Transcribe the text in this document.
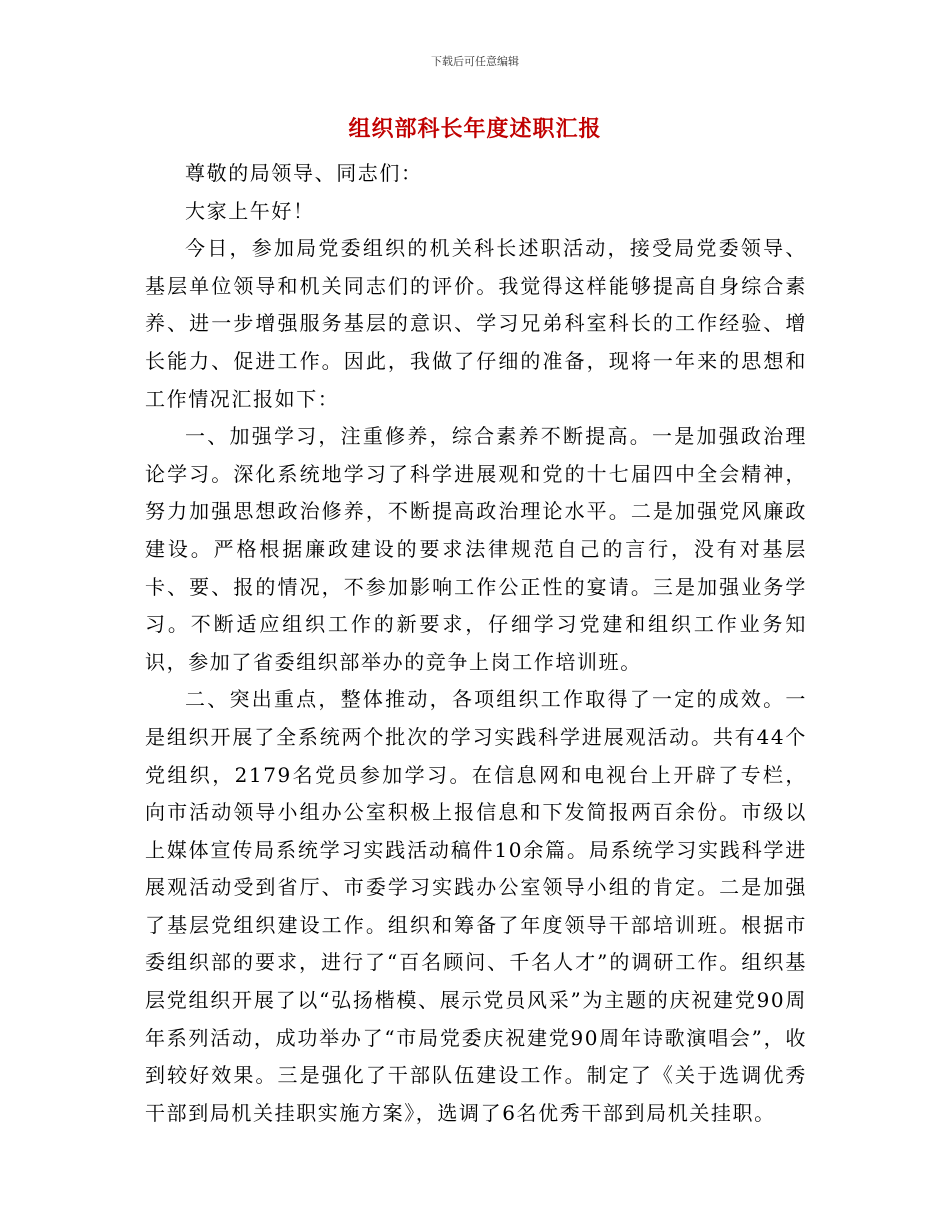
下载后可任意编辑
组织部科长年度述职汇报

尊敬的局领导、同志们：

大家上午好！

今日，参加局党委组织的机关科长述职活动，接受局党委领导、基层单位领导和机关同志们的评价。我觉得这样能够提高自身综合素养、进一步增强服务基层的意识、学习兄弟科室科长的工作经验、增长能力、促进工作。因此，我做了仔细的准备，现将一年来的思想和工作情况汇报如下：

一、加强学习，注重修养，综合素养不断提高。一是加强政治理论学习。深化系统地学习了科学进展观和党的十七届四中全会精神，努力加强思想政治修养，不断提高政治理论水平。二是加强党风廉政建设。严格根据廉政建设的要求法律规范自己的言行，没有对基层卡、要、报的情况，不参加影响工作公正性的宴请。三是加强业务学习。不断适应组织工作的新要求，仔细学习党建和组织工作业务知识，参加了省委组织部举办的竞争上岗工作培训班。

二、突出重点，整体推动，各项组织工作取得了一定的成效。一是组织开展了全系统两个批次的学习实践科学进展观活动。共有44个党组织，2179名党员参加学习。在信息网和电视台上开辟了专栏，向市活动领导小组办公室积极上报信息和下发简报两百余份。市级以上媒体宣传局系统学习实践活动稿件10余篇。局系统学习实践科学进展观活动受到省厅、市委学习实践办公室领导小组的肯定。二是加强了基层党组织建设工作。组织和筹备了年度领导干部培训班。根据市委组织部的要求，进行了“百名顾问、千名人才”的调研工作。组织基层党组织开展了以“弘扬楷模、展示党员风采”为主题的庆祝建党90周年系列活动，成功举办了“市局党委庆祝建党90周年诗歌演唱会”，收到较好效果。三是强化了干部队伍建设工作。制定了《关于选调优秀干部到局机关挂职实施方案》，选调了6名优秀干部到局机关挂职。
